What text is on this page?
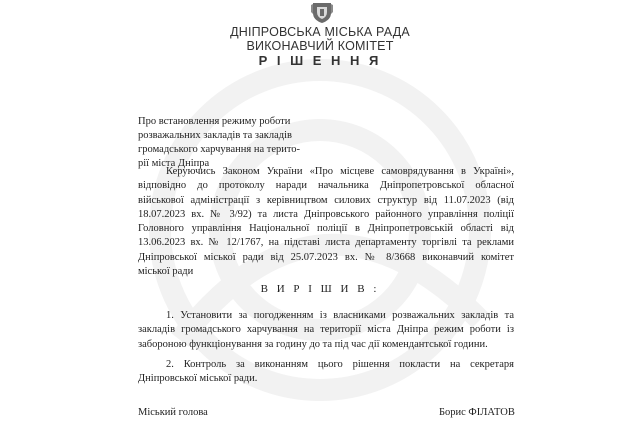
ДНІПРОВСЬКА МІСЬКА РАДА
ВИКОНАВЧИЙ КОМІТЕТ
Р І Ш Е Н Н Я
Про встановлення режиму роботи
розважальних закладів та закладів
громадського харчування на терито-
рії міста Дніпра
Керуючись Законом України «Про місцеве самоврядування в Україні»,
відповідно до протоколу наради начальника Дніпропетровської обласної
військової адміністрації з керівництвом силових структур від 11.07.2023 (від
18.07.2023 вх. № 3/92) та листа Дніпровського районного управління поліції
Головного управління Національної поліції в Дніпропетровській області від
13.06.2023 вх. № 12/1767, на підставі листа департаменту торгівлі та реклами
Дніпровської міської ради від 25.07.2023 вх. № 8/3668 виконавчий комітет
міської ради
В И Р І Ш И В :
1. Установити за погодженням із власниками розважальних закладів та
закладів громадського харчування на території міста Дніпра режим роботи із
забороною функціонування за годину до та під час дії комендантської години.
2. Контроль за виконанням цього рішення покласти на секретаря
Дніпровської міської ради.
Міський голова	Борис ФІЛАТОВ
